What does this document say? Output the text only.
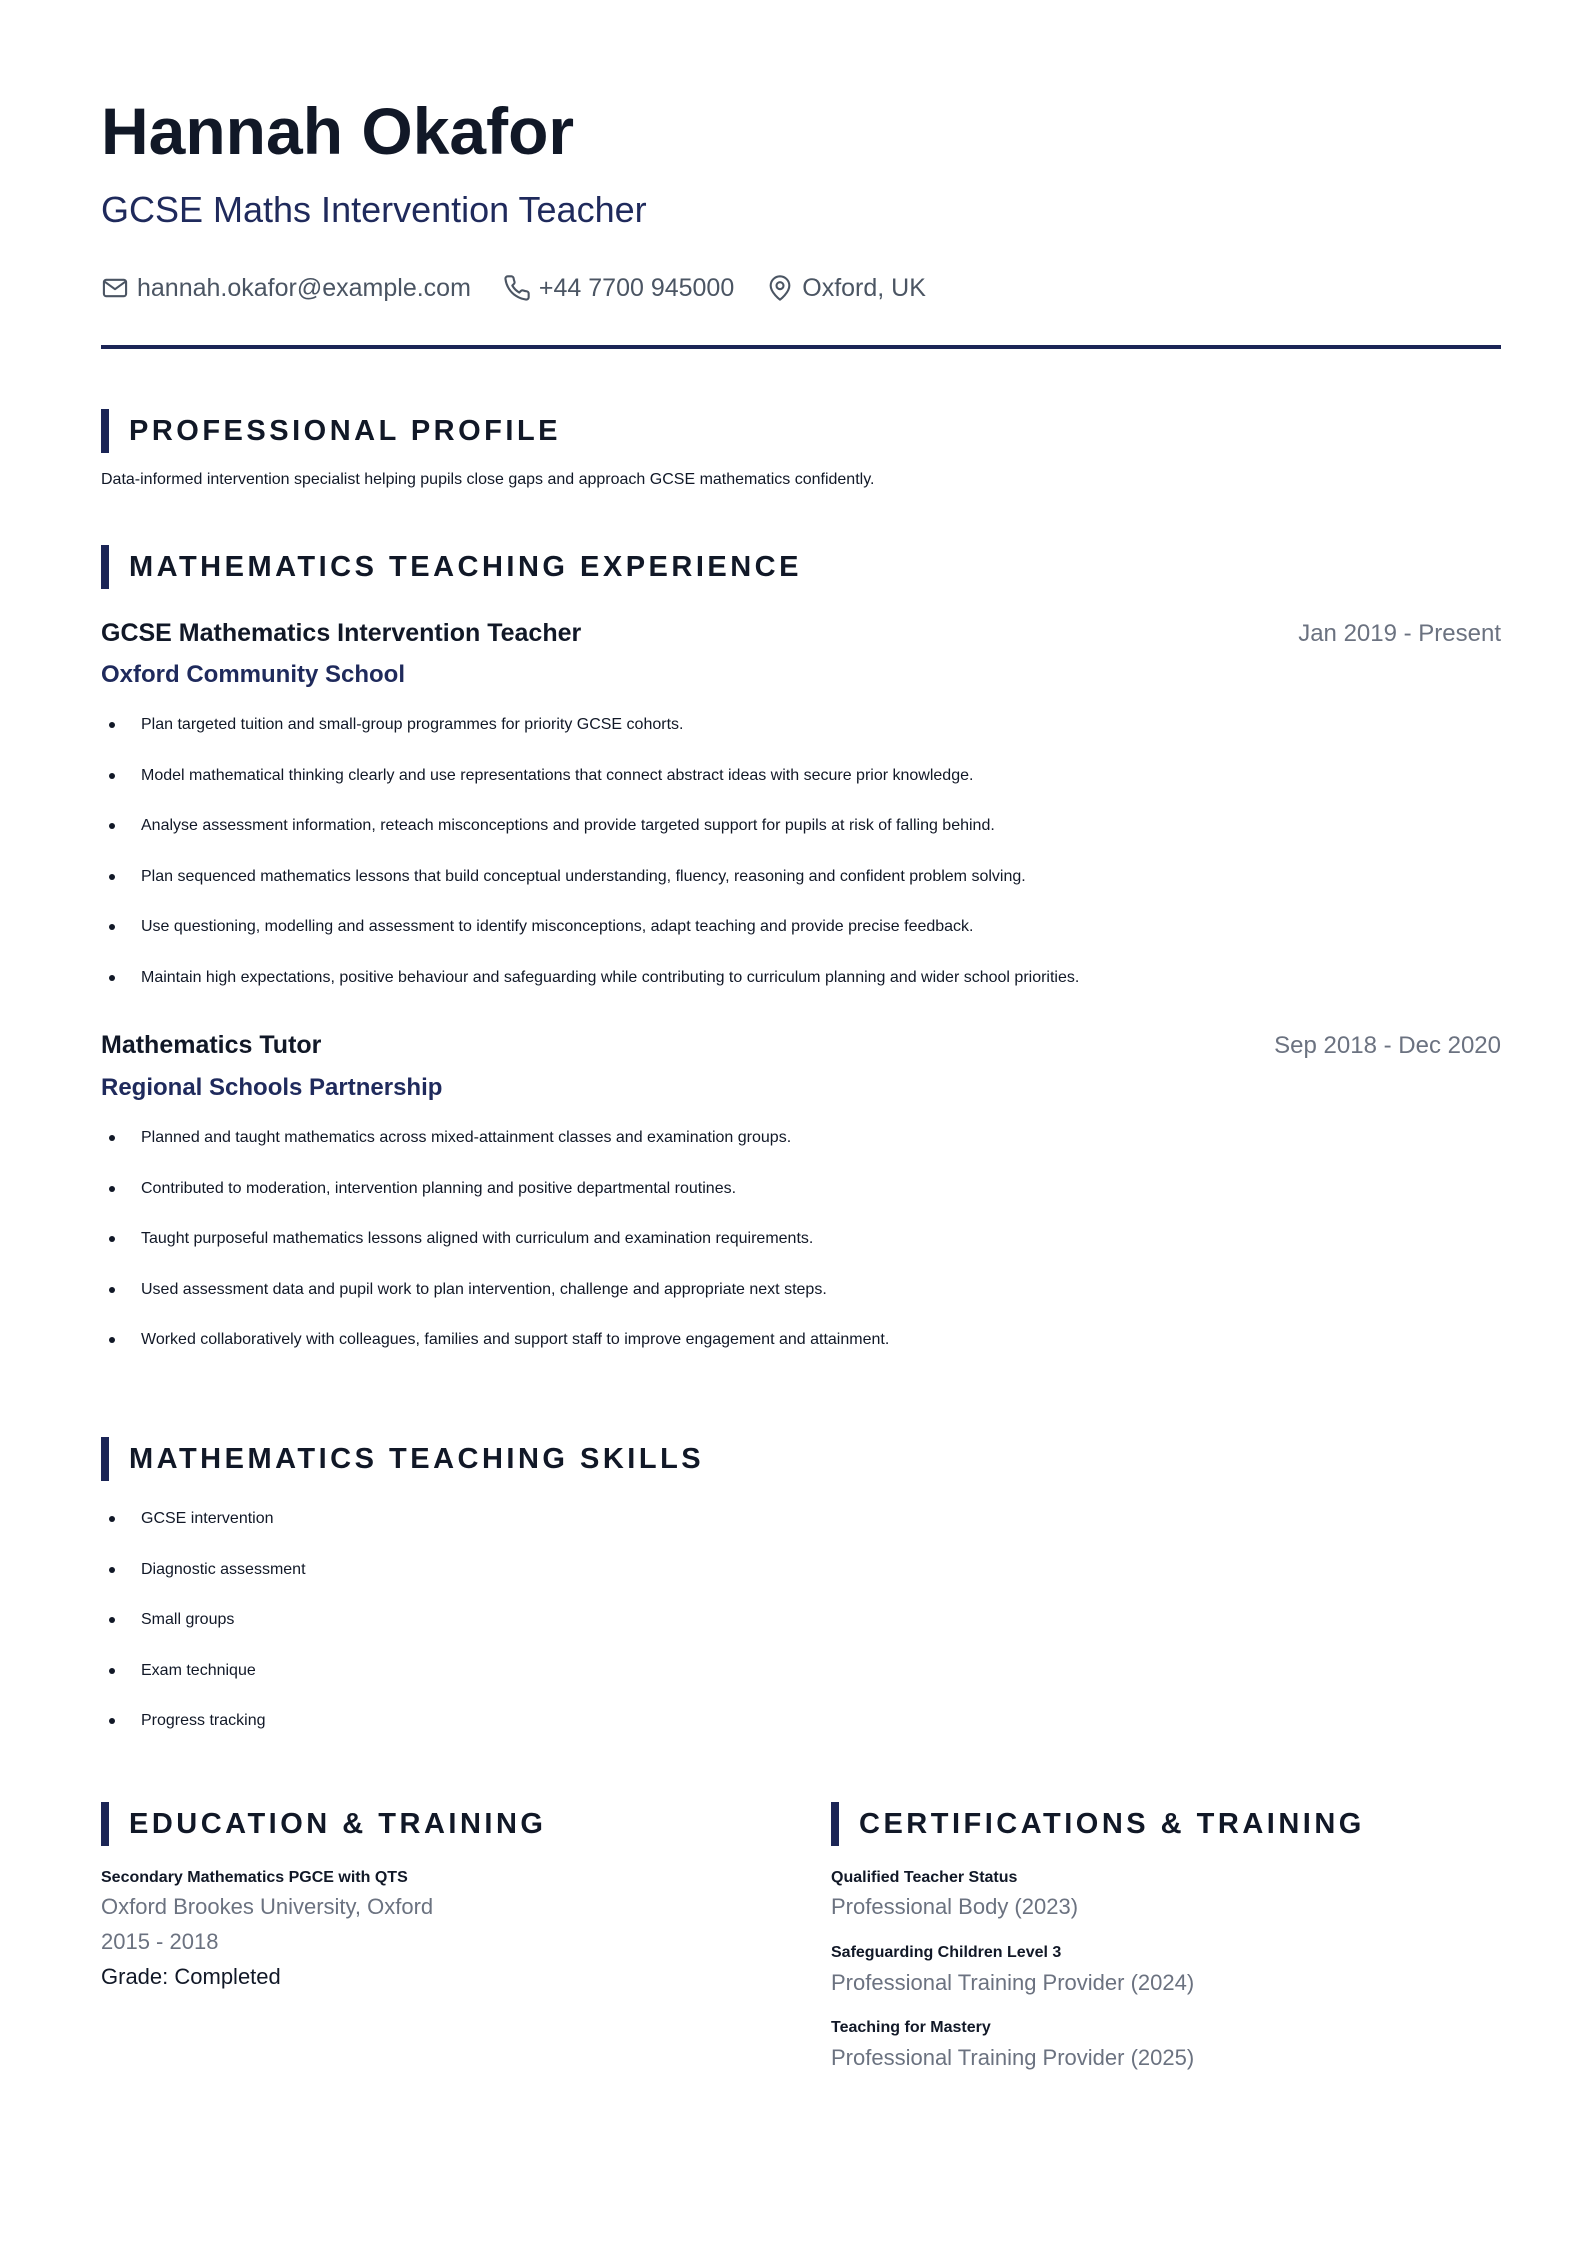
Hannah Okafor
GCSE Maths Intervention Teacher
hannah.okafor@example.com	+44 7700 945000	Oxford, UK
PROFESSIONAL PROFILE
Data-informed intervention specialist helping pupils close gaps and approach GCSE mathematics confidently.
MATHEMATICS TEACHING EXPERIENCE
GCSE Mathematics Intervention Teacher	Jan 2019 - Present
Oxford Community School
Plan targeted tuition and small-group programmes for priority GCSE cohorts.
Model mathematical thinking clearly and use representations that connect abstract ideas with secure prior knowledge.
Analyse assessment information, reteach misconceptions and provide targeted support for pupils at risk of falling behind.
Plan sequenced mathematics lessons that build conceptual understanding, fluency, reasoning and confident problem solving.
Use questioning, modelling and assessment to identify misconceptions, adapt teaching and provide precise feedback.
Maintain high expectations, positive behaviour and safeguarding while contributing to curriculum planning and wider school priorities.
Mathematics Tutor	Sep 2018 - Dec 2020
Regional Schools Partnership
Planned and taught mathematics across mixed-attainment classes and examination groups.
Contributed to moderation, intervention planning and positive departmental routines.
Taught purposeful mathematics lessons aligned with curriculum and examination requirements.
Used assessment data and pupil work to plan intervention, challenge and appropriate next steps.
Worked collaboratively with colleagues, families and support staff to improve engagement and attainment.
MATHEMATICS TEACHING SKILLS
GCSE intervention
Diagnostic assessment
Small groups
Exam technique
Progress tracking
EDUCATION & TRAINING
Secondary Mathematics PGCE with QTS
Oxford Brookes University, Oxford
2015 - 2018
Grade: Completed
CERTIFICATIONS & TRAINING
Qualified Teacher Status
Professional Body (2023)
Safeguarding Children Level 3
Professional Training Provider (2024)
Teaching for Mastery
Professional Training Provider (2025)
